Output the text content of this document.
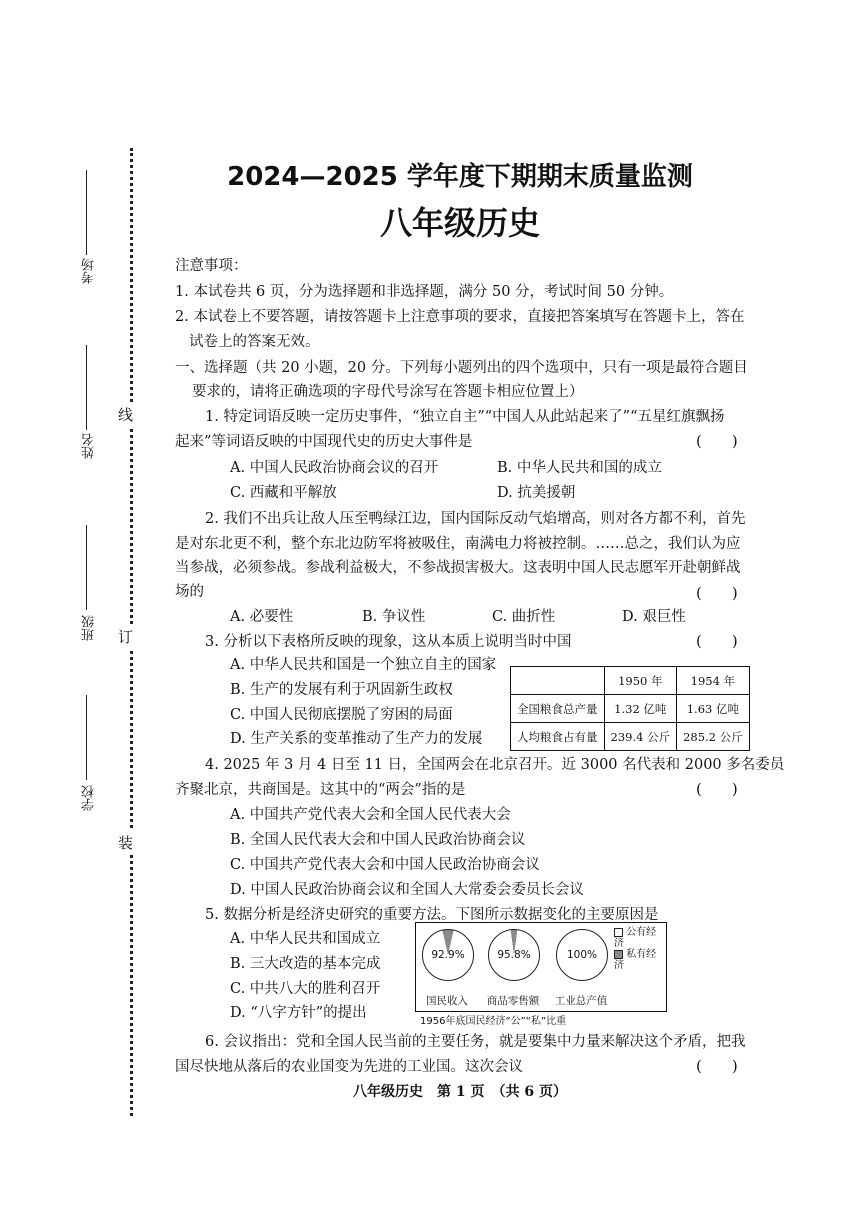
考场
姓名
班级
学校
线
订
装
2024—2025 学年度下期期末质量监测
八年级历史
注意事项：
1. 本试卷共 6 页，分为选择题和非选择题，满分 50 分，考试时间 50 分钟。
2. 本试卷上不要答题，请按答题卡上注意事项的要求，直接把答案填写在答题卡上，答在
试卷上的答案无效。
一、选择题（共 20 小题，20 分。下列每小题列出的四个选项中，只有一项是最符合题目
要求的，请将正确选项的字母代号涂写在答题卡相应位置上）
1. 特定词语反映一定历史事件，“独立自主”“中国人从此站起来了”“五星红旗飘扬
起来”等词语反映的中国现代史的历史大事件是	(　　)
A. 中国人民政治协商会议的召开	B. 中华人民共和国的成立
C. 西藏和平解放	D. 抗美援朝
2. 我们不出兵让敌人压至鸭绿江边，国内国际反动气焰增高，则对各方都不利，首先
是对东北更不利，整个东北边防军将被吸住，南满电力将被控制。……总之，我们认为应
当参战，必须参战。参战利益极大，不参战损害极大。这表明中国人民志愿军开赴朝鲜战
场的	(　　)
A. 必要性	B. 争议性	C. 曲折性	D. 艰巨性
3. 分析以下表格所反映的现象，这从本质上说明当时中国	(　　)
A. 中华人民共和国是一个独立自主的国家
B. 生产的发展有利于巩固新生政权
C. 中国人民彻底摆脱了穷困的局面
D. 生产关系的变革推动了生产力的发展
	1950 年	1954 年
全国粮食总产量	1.32 亿吨	1.63 亿吨
人均粮食占有量	239.4 公斤	285.2 公斤
4. 2025 年 3 月 4 日至 11 日，全国两会在北京召开。近 3000 名代表和 2000 多名委员
齐聚北京，共商国是。这其中的“两会”指的是	(　　)
A. 中国共产党代表大会和全国人民代表大会
B. 全国人民代表大会和中国人民政治协商会议
C. 中国共产党代表大会和中国人民政治协商会议
D. 中国人民政治协商会议和全国人大常委会委员长会议
5. 数据分析是经济史研究的重要方法。下图所示数据变化的主要原因是
A. 中华人民共和国成立
B. 三大改造的基本完成
C. 中共八大的胜利召开
D. “八字方针”的提出
公有经济
私有经济
92.9%
国民收入
95.8%
商品零售额
100%
工业总产值
1956年底国民经济“公”“私”比重
6. 会议指出：党和全国人民当前的主要任务，就是要集中力量来解决这个矛盾，把我
国尽快地从落后的农业国变为先进的工业国。这次会议	(　　)
八年级历史　第 1 页　（共 6 页）
